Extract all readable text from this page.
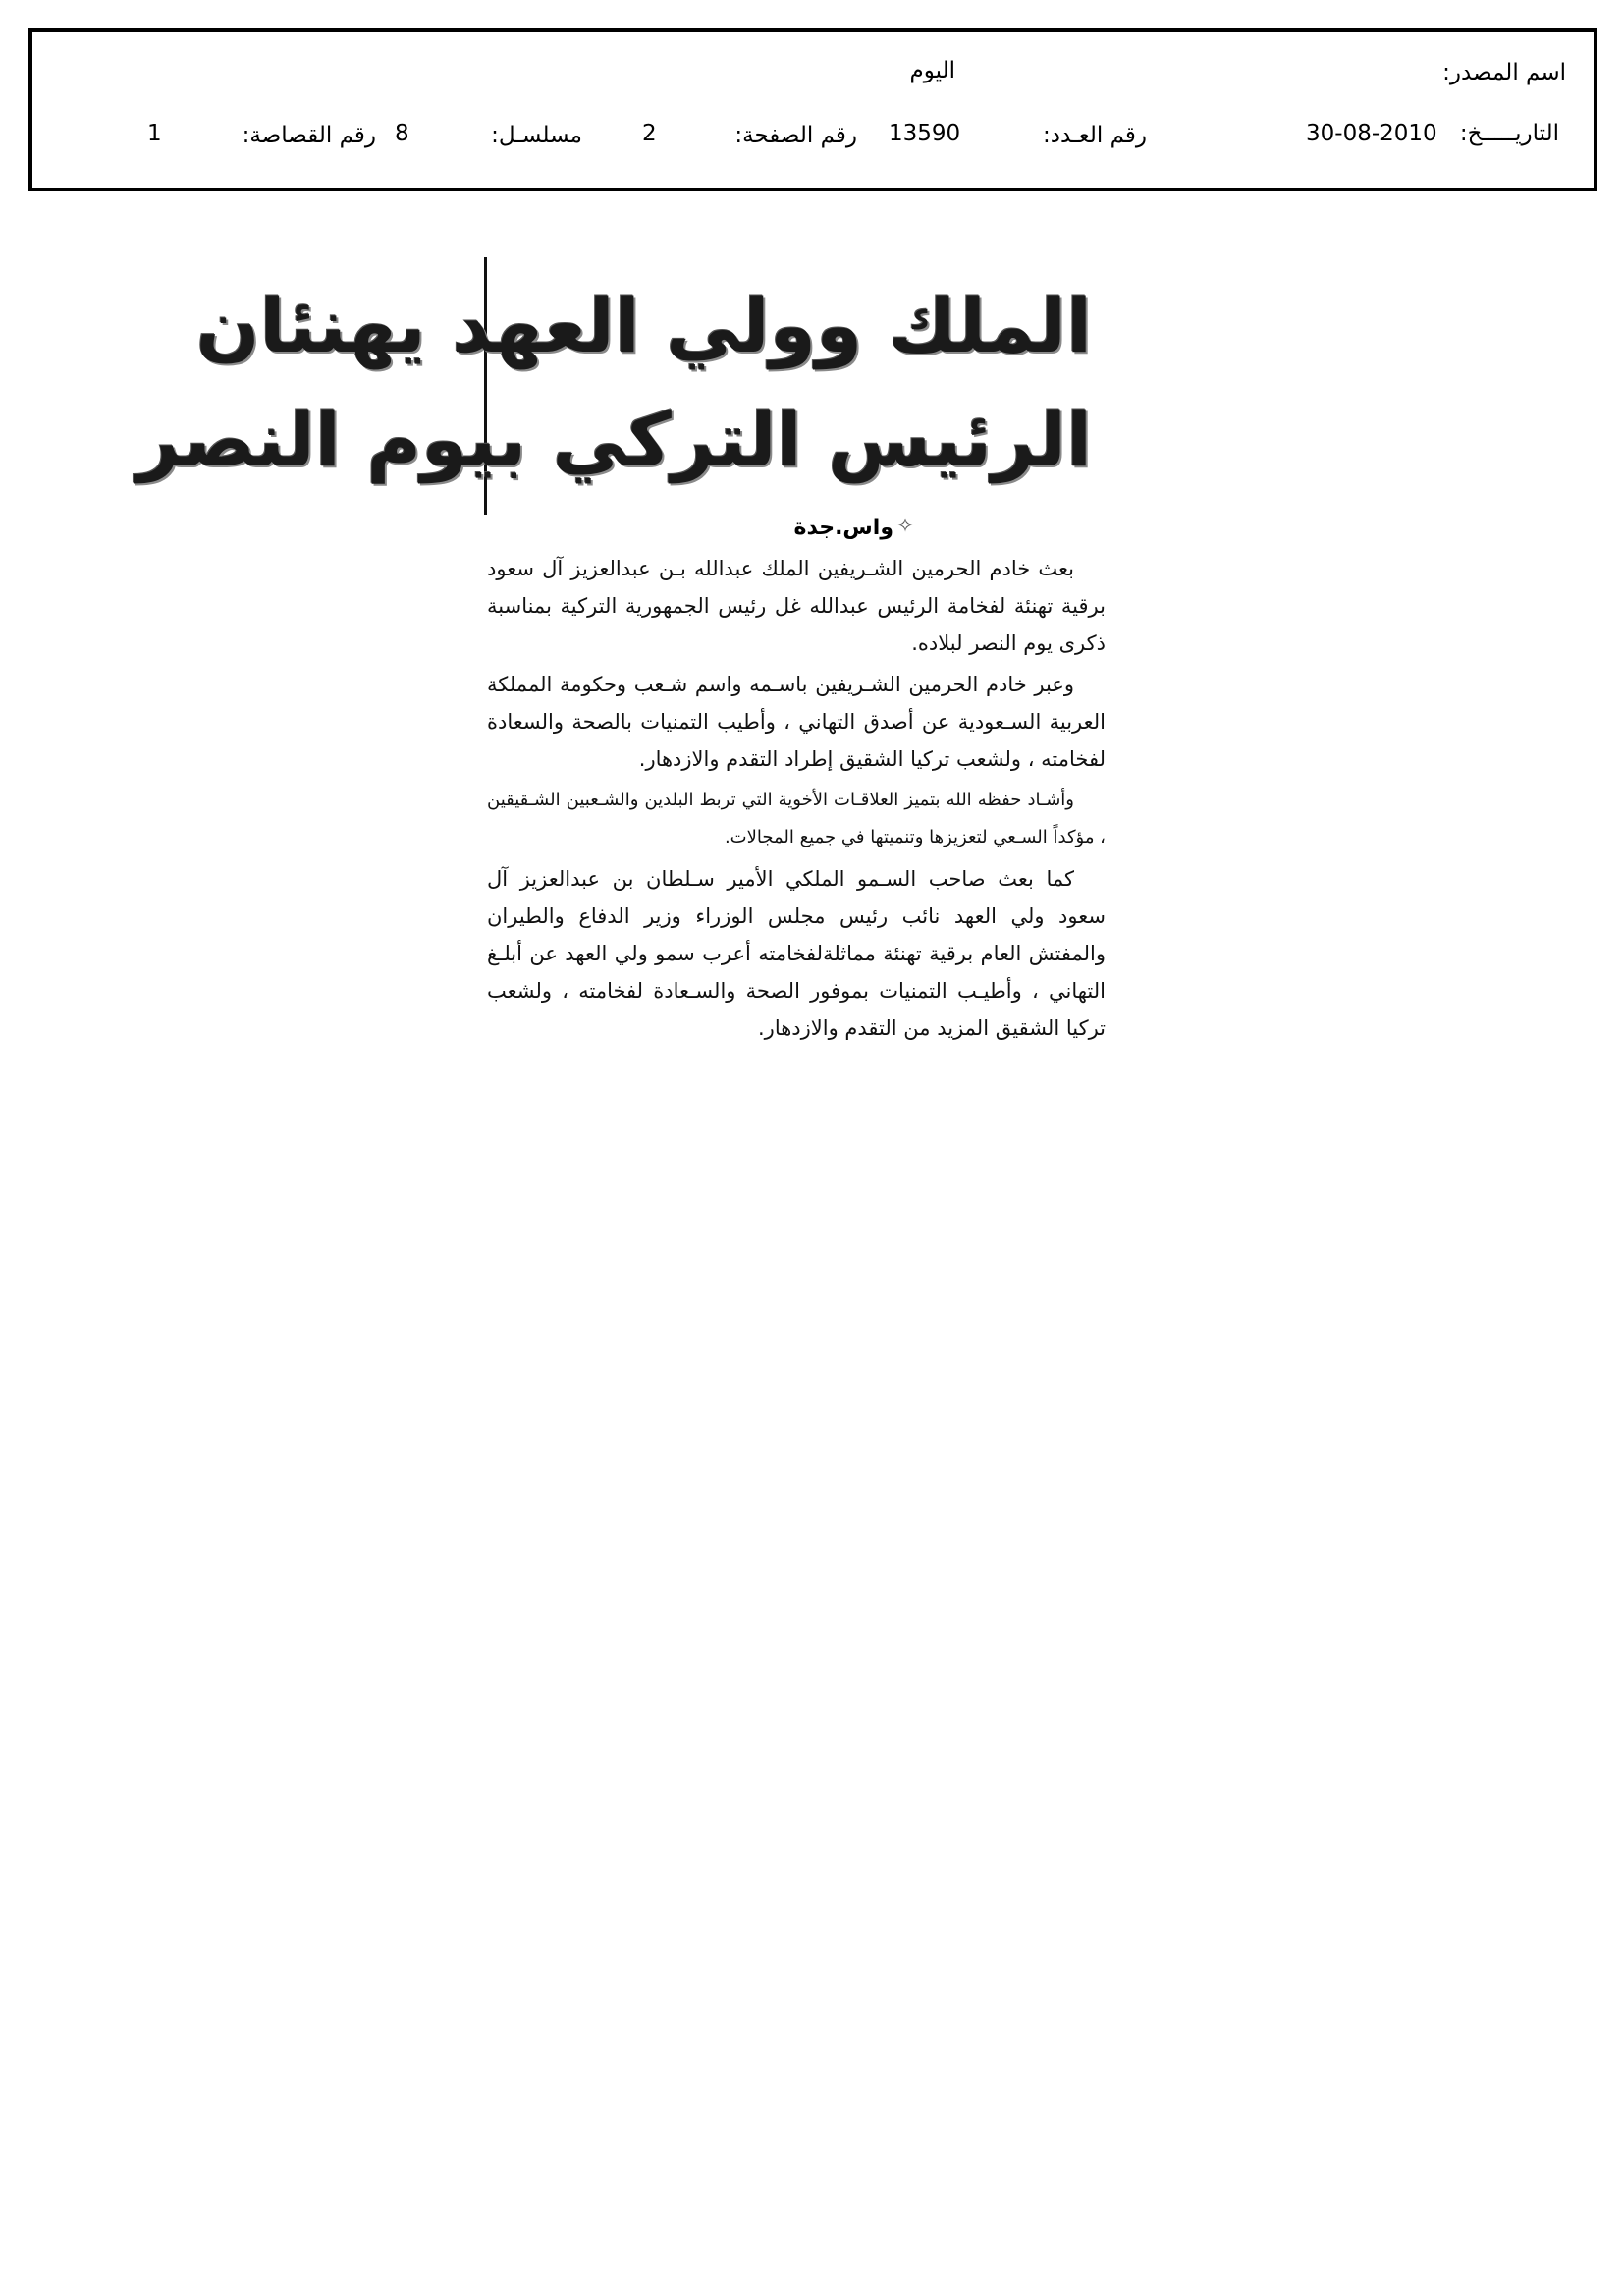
اسم المصدر:
اليوم
التاريـــــخ:
30-08-2010
رقم العـدد:
13590
رقم الصفحة:
2
مسلسـل:
8
رقم القصاصة:
1
الملك وولي العهد يهنئان
الرئيس التركي بيوم النصر
✧
واس.جدة

بعث خادم الحرمين الشـريفين الملك عبدالله بـن عبدالعزيز آل سعود برقية تهنئة لفخامة الرئيس عبدالله غل رئيس الجمهورية التركية بمناسبة ذكرى يوم النصر لبلاده.

وعبر خادم الحرمين الشـريفين باسـمه واسم شـعب وحكومة المملكة العربية السـعودية عن أصدق التهاني ، وأطيب التمنيات بالصحة والسعادة لفخامته ، ولشعب تركيا الشقيق إطراد التقدم والازدهار.

وأشـاد حفظه الله بتميز العلاقـات الأخوية التي تربط البلدين والشـعبين الشـقيقين ، مؤكداً السـعي لتعزيزها وتنميتها في جميع المجالات.

كما بعث صاحب السـمو الملكي الأمير سـلطان بن عبدالعزيز آل سعود ولي العهد نائب رئيس مجلس الوزراء وزير الدفاع والطيران والمفتش العام برقية تهنئة مماثلةلفخامته أعرب سمو ولي العهد عن أبلـغ التهاني ، وأطيـب التمنيات بموفور الصحة والسـعادة لفخامته ، ولشعب تركيا الشقيق المزيد من التقدم والازدهار.
